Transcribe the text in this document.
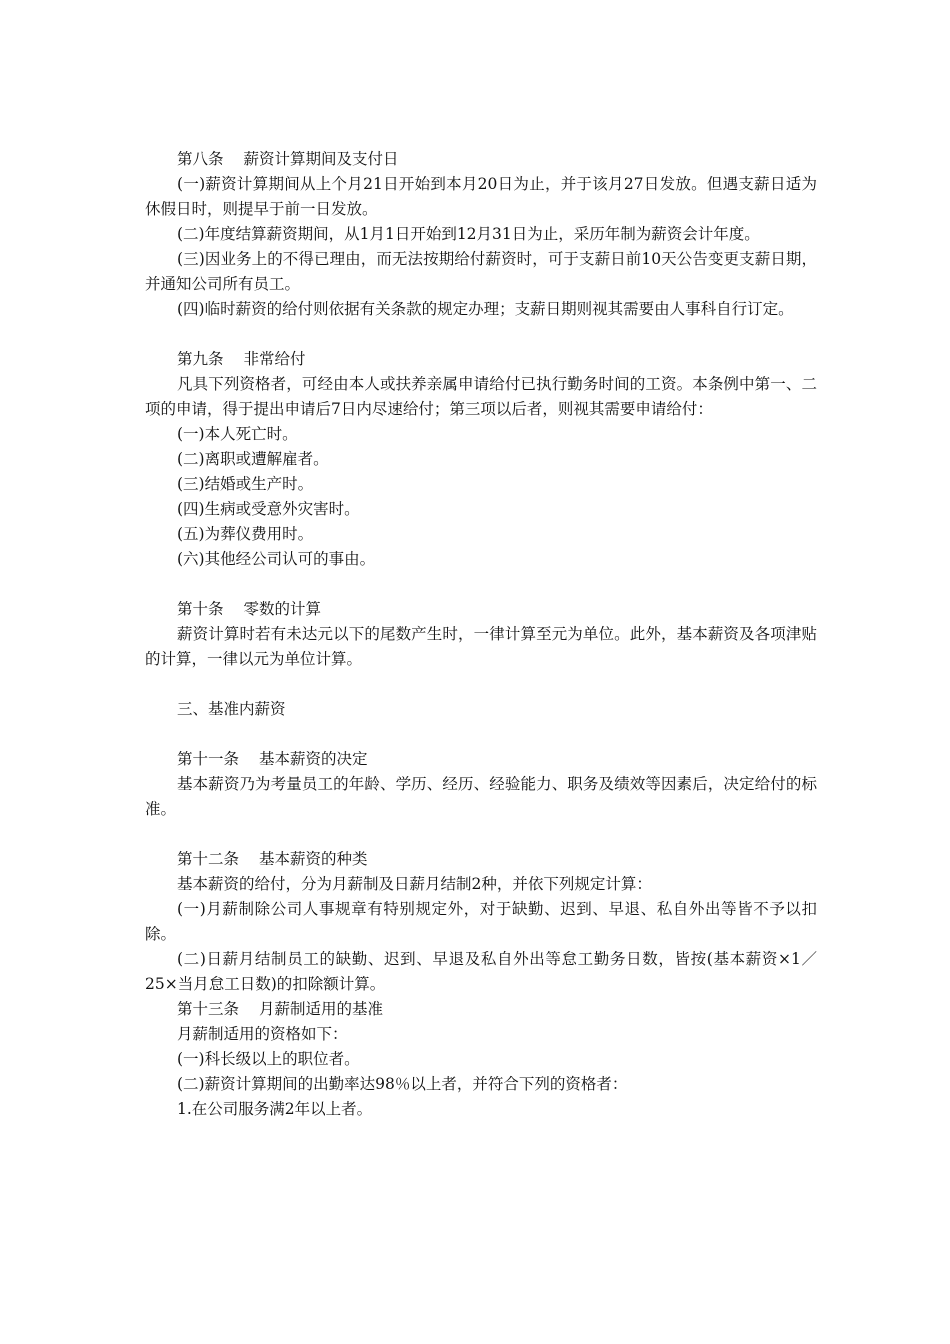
第八条 薪资计算期间及支付日

(一)薪资计算期间从上个月21日开始到本月20日为止，并于该月27日发放。但遇支薪日适为休假日时，则提早于前一日发放。

(二)年度结算薪资期间，从1月1日开始到12月31日为止，采历年制为薪资会计年度。

(三)因业务上的不得已理由，而无法按期给付薪资时，可于支薪日前10天公告变更支薪日期，并通知公司所有员工。

(四)临时薪资的给付则依据有关条款的规定办理；支薪日期则视其需要由人事科自行订定。

第九条 非常给付

凡具下列资格者，可经由本人或扶养亲属申请给付已执行勤务时间的工资。本条例中第一、二项的申请，得于提出申请后7日内尽速给付；第三项以后者，则视其需要申请给付：

(一)本人死亡时。

(二)离职或遭解雇者。

(三)结婚或生产时。

(四)生病或受意外灾害时。

(五)为葬仪费用时。

(六)其他经公司认可的事由。

第十条 零数的计算

薪资计算时若有未达元以下的尾数产生时，一律计算至元为单位。此外，基本薪资及各项津贴的计算，一律以元为单位计算。

三、基准内薪资

第十一条 基本薪资的决定

基本薪资乃为考量员工的年龄、学历、经历、经验能力、职务及绩效等因素后，决定给付的标准。

第十二条 基本薪资的种类

基本薪资的给付，分为月薪制及日薪月结制2种，并依下列规定计算：

(一)月薪制除公司人事规章有特别规定外，对于缺勤、迟到、早退、私自外出等皆不予以扣除。

(二)日薪月结制员工的缺勤、迟到、早退及私自外出等怠工勤务日数，皆按(基本薪资×1／25×当月怠工日数)的扣除额计算。

第十三条 月薪制适用的基准

月薪制适用的资格如下：

(一)科长级以上的职位者。

(二)薪资计算期间的出勤率达98％以上者，并符合下列的资格者：

1.在公司服务满2年以上者。
